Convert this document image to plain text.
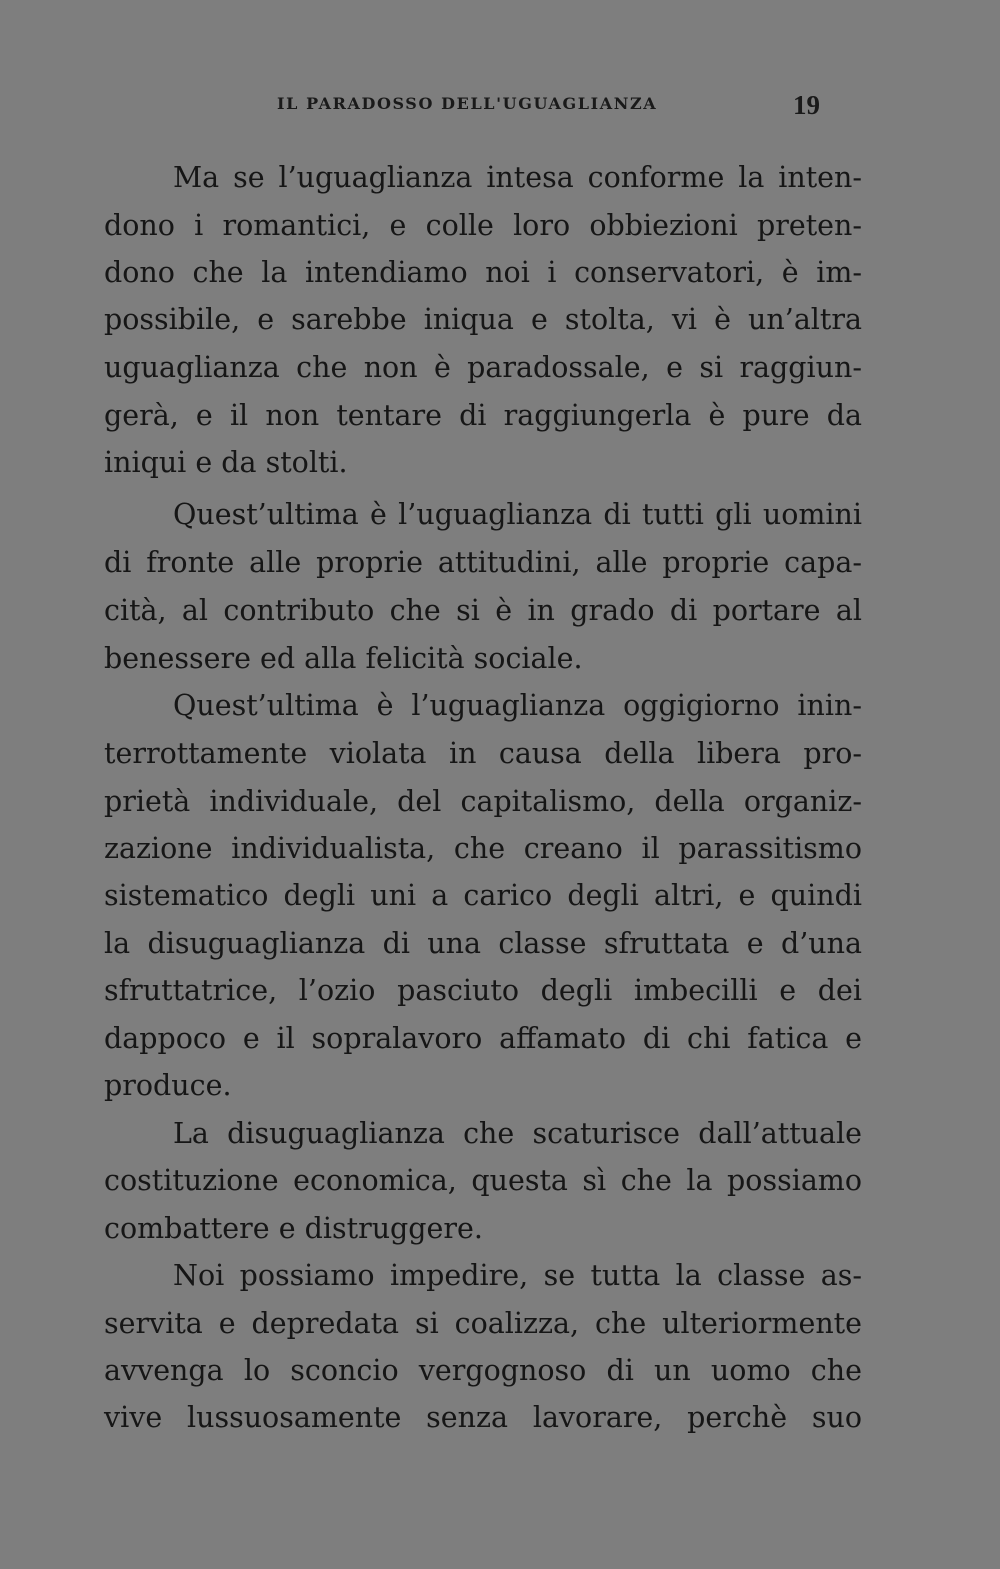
IL PARADOSSO DELL'UGUAGLIANZA	19
Ma se l’uguaglianza intesa conforme la inten-
dono i romantici, e colle loro obbiezioni preten-
dono che la intendiamo noi i conservatori, è im-
possibile, e sarebbe iniqua e stolta, vi è un’altra
uguaglianza che non è paradossale, e si raggiun-
gerà, e il non tentare di raggiungerla è pure da
iniqui e da stolti.
Quest’ultima è l’uguaglianza di tutti gli uomini
di fronte alle proprie attitudini, alle proprie capa-
cità, al contributo che si è in grado di portare al
benessere ed alla felicità sociale.
Quest’ultima è l’uguaglianza oggigiorno inin-
terrottamente violata in causa della libera pro-
prietà individuale, del capitalismo, della organiz-
zazione individualista, che creano il parassitismo
sistematico degli uni a carico degli altri, e quindi
la disuguaglianza di una classe sfruttata e d’una
sfruttatrice, l’ozio pasciuto degli imbecilli e dei
dappoco e il sopralavoro affamato di chi fatica e
produce.
La disuguaglianza che scaturisce dall’attuale
costituzione economica, questa sì che la possiamo
combattere e distruggere.
Noi possiamo impedire, se tutta la classe as-
servita e depredata si coalizza, che ulteriormente
avvenga lo sconcio vergognoso di un uomo che
vive lussuosamente senza lavorare, perchè suo
